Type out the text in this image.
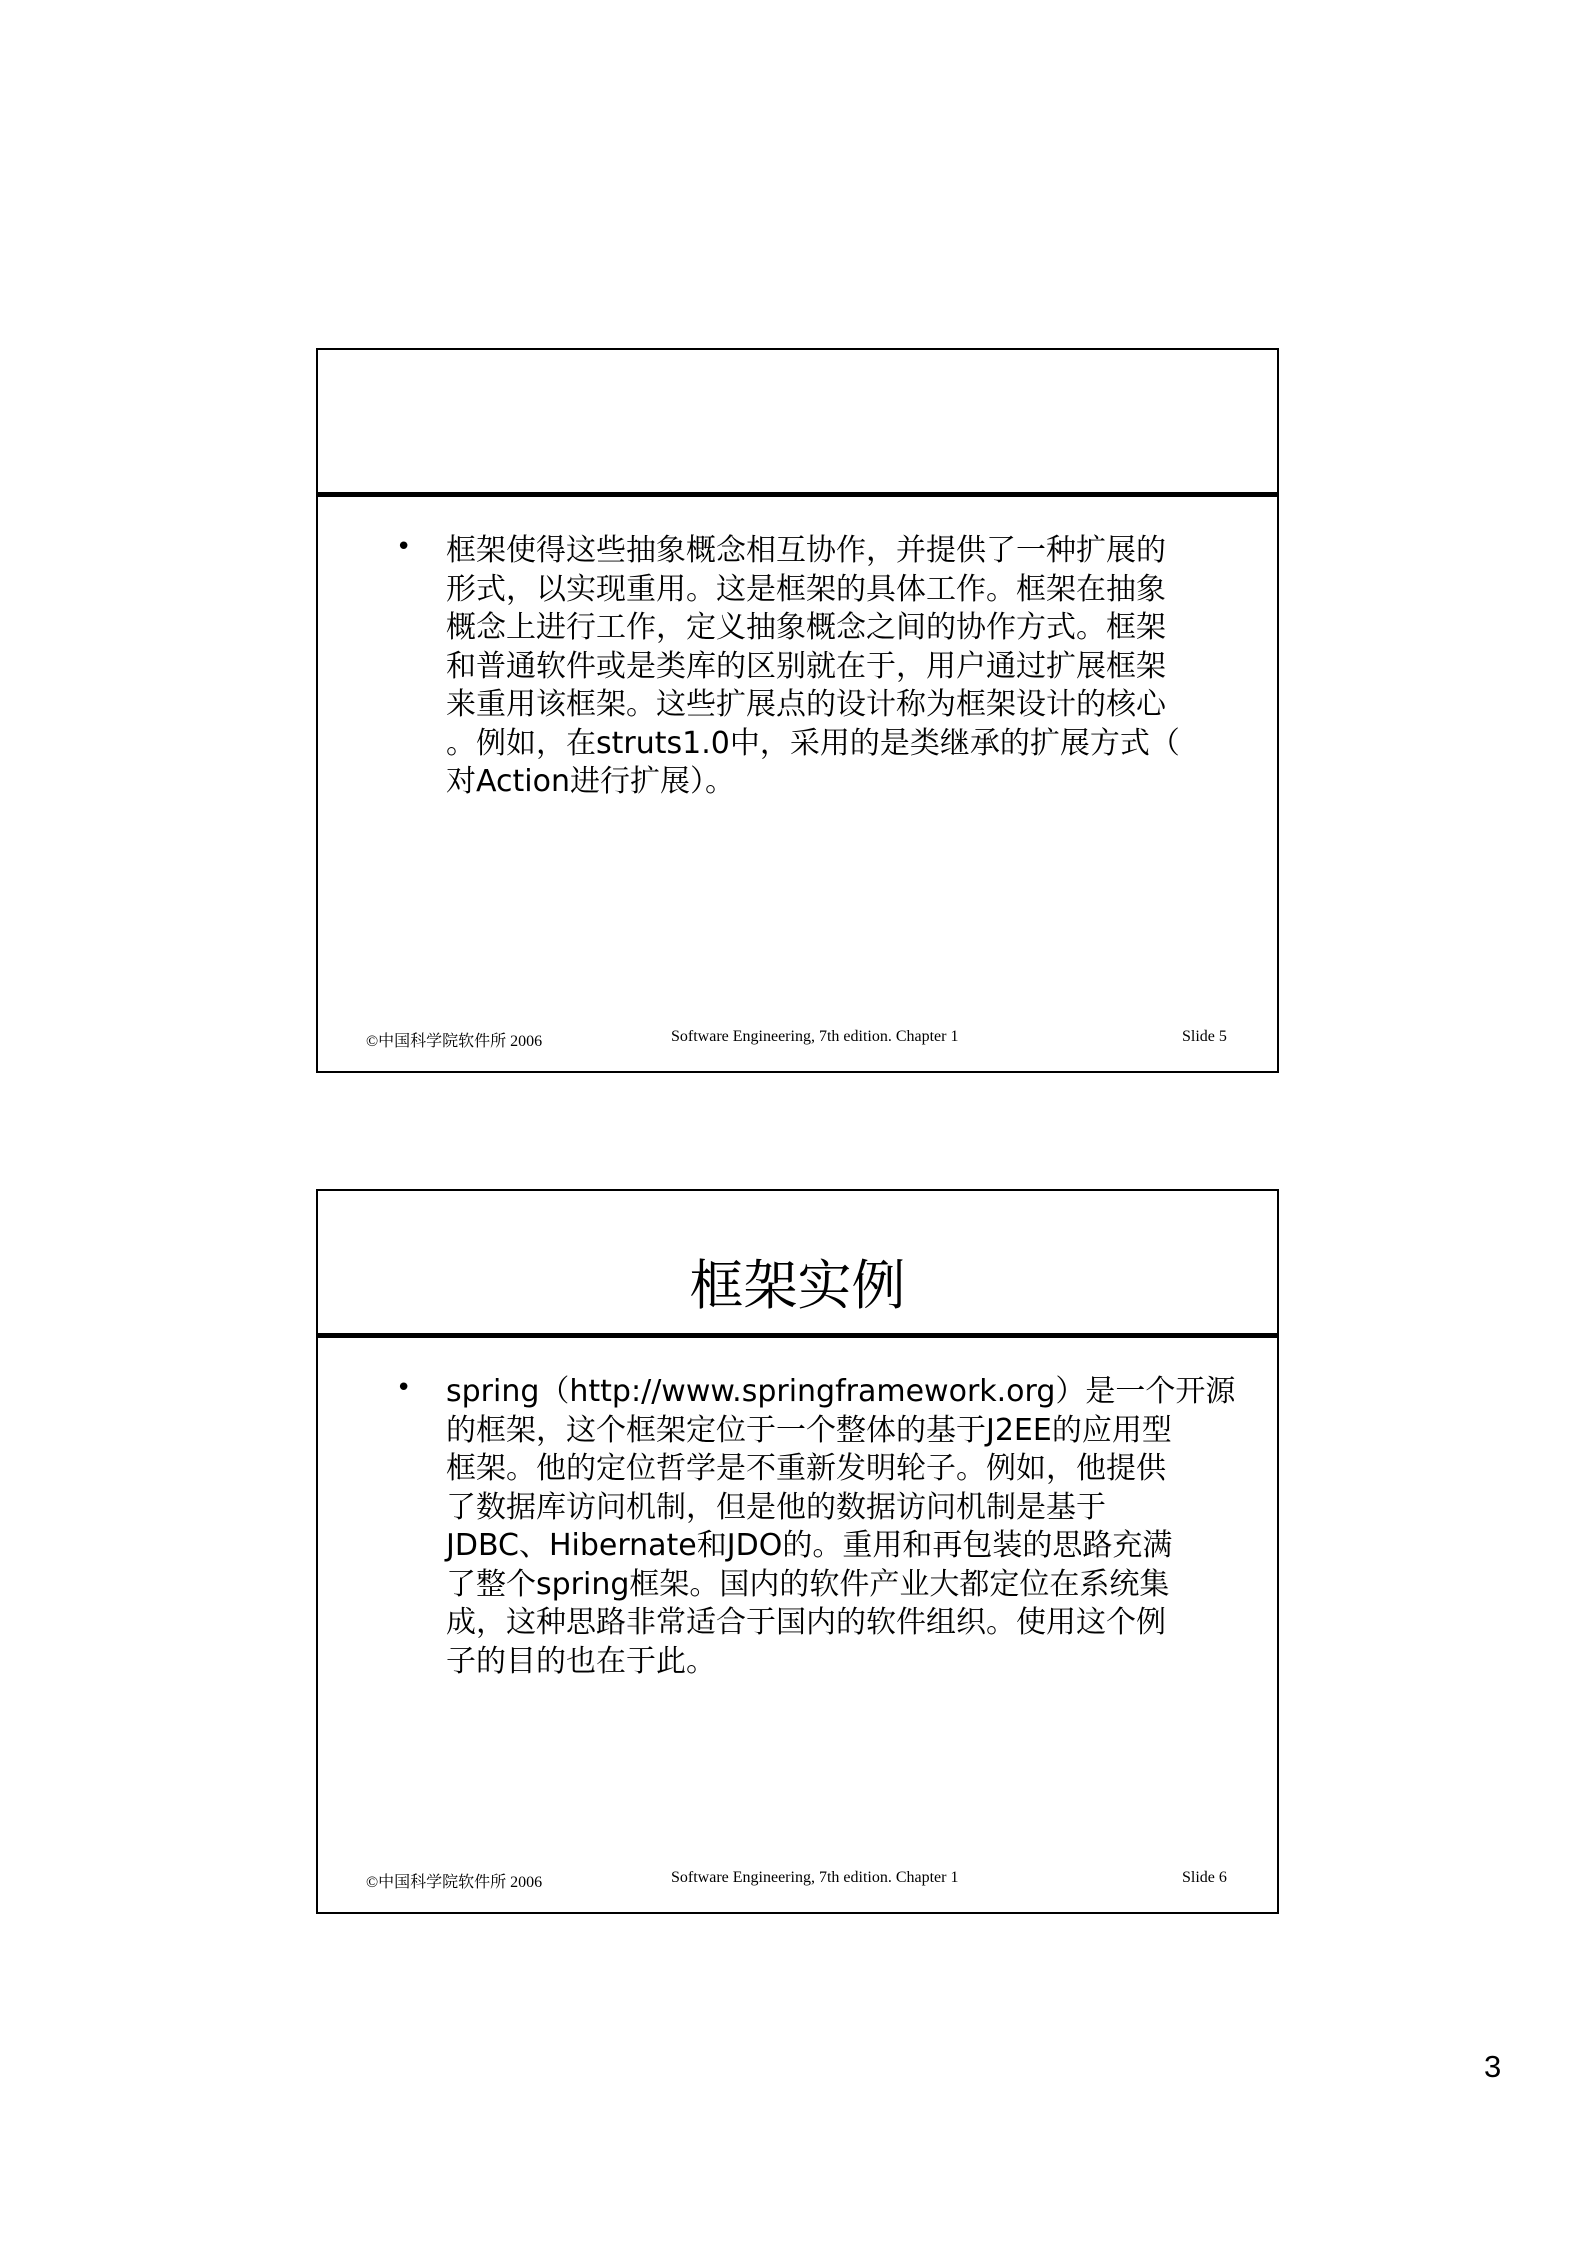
• 框架使得这些抽象概念相互协作，并提供了一种扩展的
形式，以实现重用。这是框架的具体工作。框架在抽象
概念上进行工作，定义抽象概念之间的协作方式。框架
和普通软件或是类库的区别就在于，用户通过扩展框架
来重用该框架。这些扩展点的设计称为框架设计的核心
。例如，在struts1.0中，采用的是类继承的扩展方式（
对Action进行扩展）。
©中国科学院软件所 2006	Software Engineering, 7th edition. Chapter 1	Slide 5
框架实例
• spring（http://www.springframework.org）是一个开源
的框架，这个框架定位于一个整体的基于J2EE的应用型
框架。他的定位哲学是不重新发明轮子。例如，他提供
了数据库访问机制，但是他的数据访问机制是基于
JDBC、Hibernate和JDO的。重用和再包装的思路充满
了整个spring框架。国内的软件产业大都定位在系统集
成，这种思路非常适合于国内的软件组织。使用这个例
子的目的也在于此。
©中国科学院软件所 2006	Software Engineering, 7th edition. Chapter 1	Slide 6
3
